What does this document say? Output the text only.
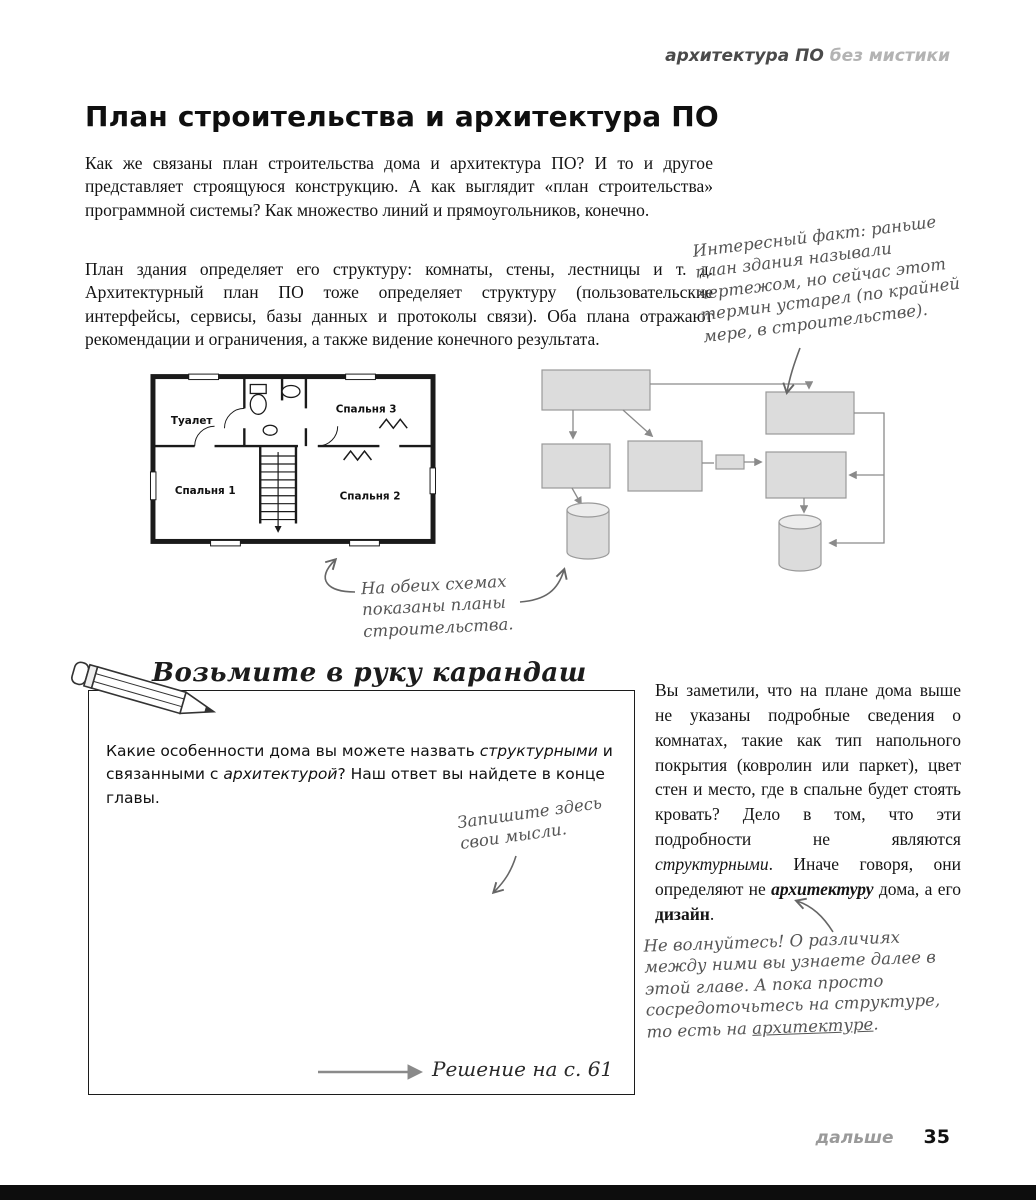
архитектура ПО без мистики
План строительства и архитектура ПО

Как же связаны план строительства дома и архитектура ПО? И то и другое представляет строящуюся конструкцию. А как выглядит «план строительства» программной системы? Как множество линий и прямоугольников, конечно.

План здания определяет его структуру: комнаты, стены, лестницы и т. д. Архитектурный план ПО тоже определяет структуру (пользовательские интерфейсы, сервисы, базы данных и протоколы связи). Оба плана отражают рекомендации и ограничения, а также видение конечного результата.

Интересный факт: раньше план здания называли чертежом, но сейчас этот термин устарел (по крайней мере, в строительстве).
Туалет
Спальня 3
Спальня 1	Спальня 2
На обеих схемах показаны планы строительства.
Возьмите в руку карандаш

Какие особенности дома вы можете назвать структурными и связанными с архитектурой? Наш ответ вы найдете в конце главы.	Запишите здесь свои мысли.
Решение на с. 61

Вы заметили, что на плане дома выше не указаны подробные сведения о комнатах, такие как тип напольного покрытия (ковролин или паркет), цвет стен и место, где в спальне будет стоять кровать? Дело в том, что эти подробности не являются структурными. Иначе говоря, они определяют не архитектуру дома, а его дизайн.

Не волнуйтесь! О различиях между ними вы узнаете далее в этой главе. А пока просто сосредоточьтесь на структуре, то есть на архитектуре.
дальше 35
